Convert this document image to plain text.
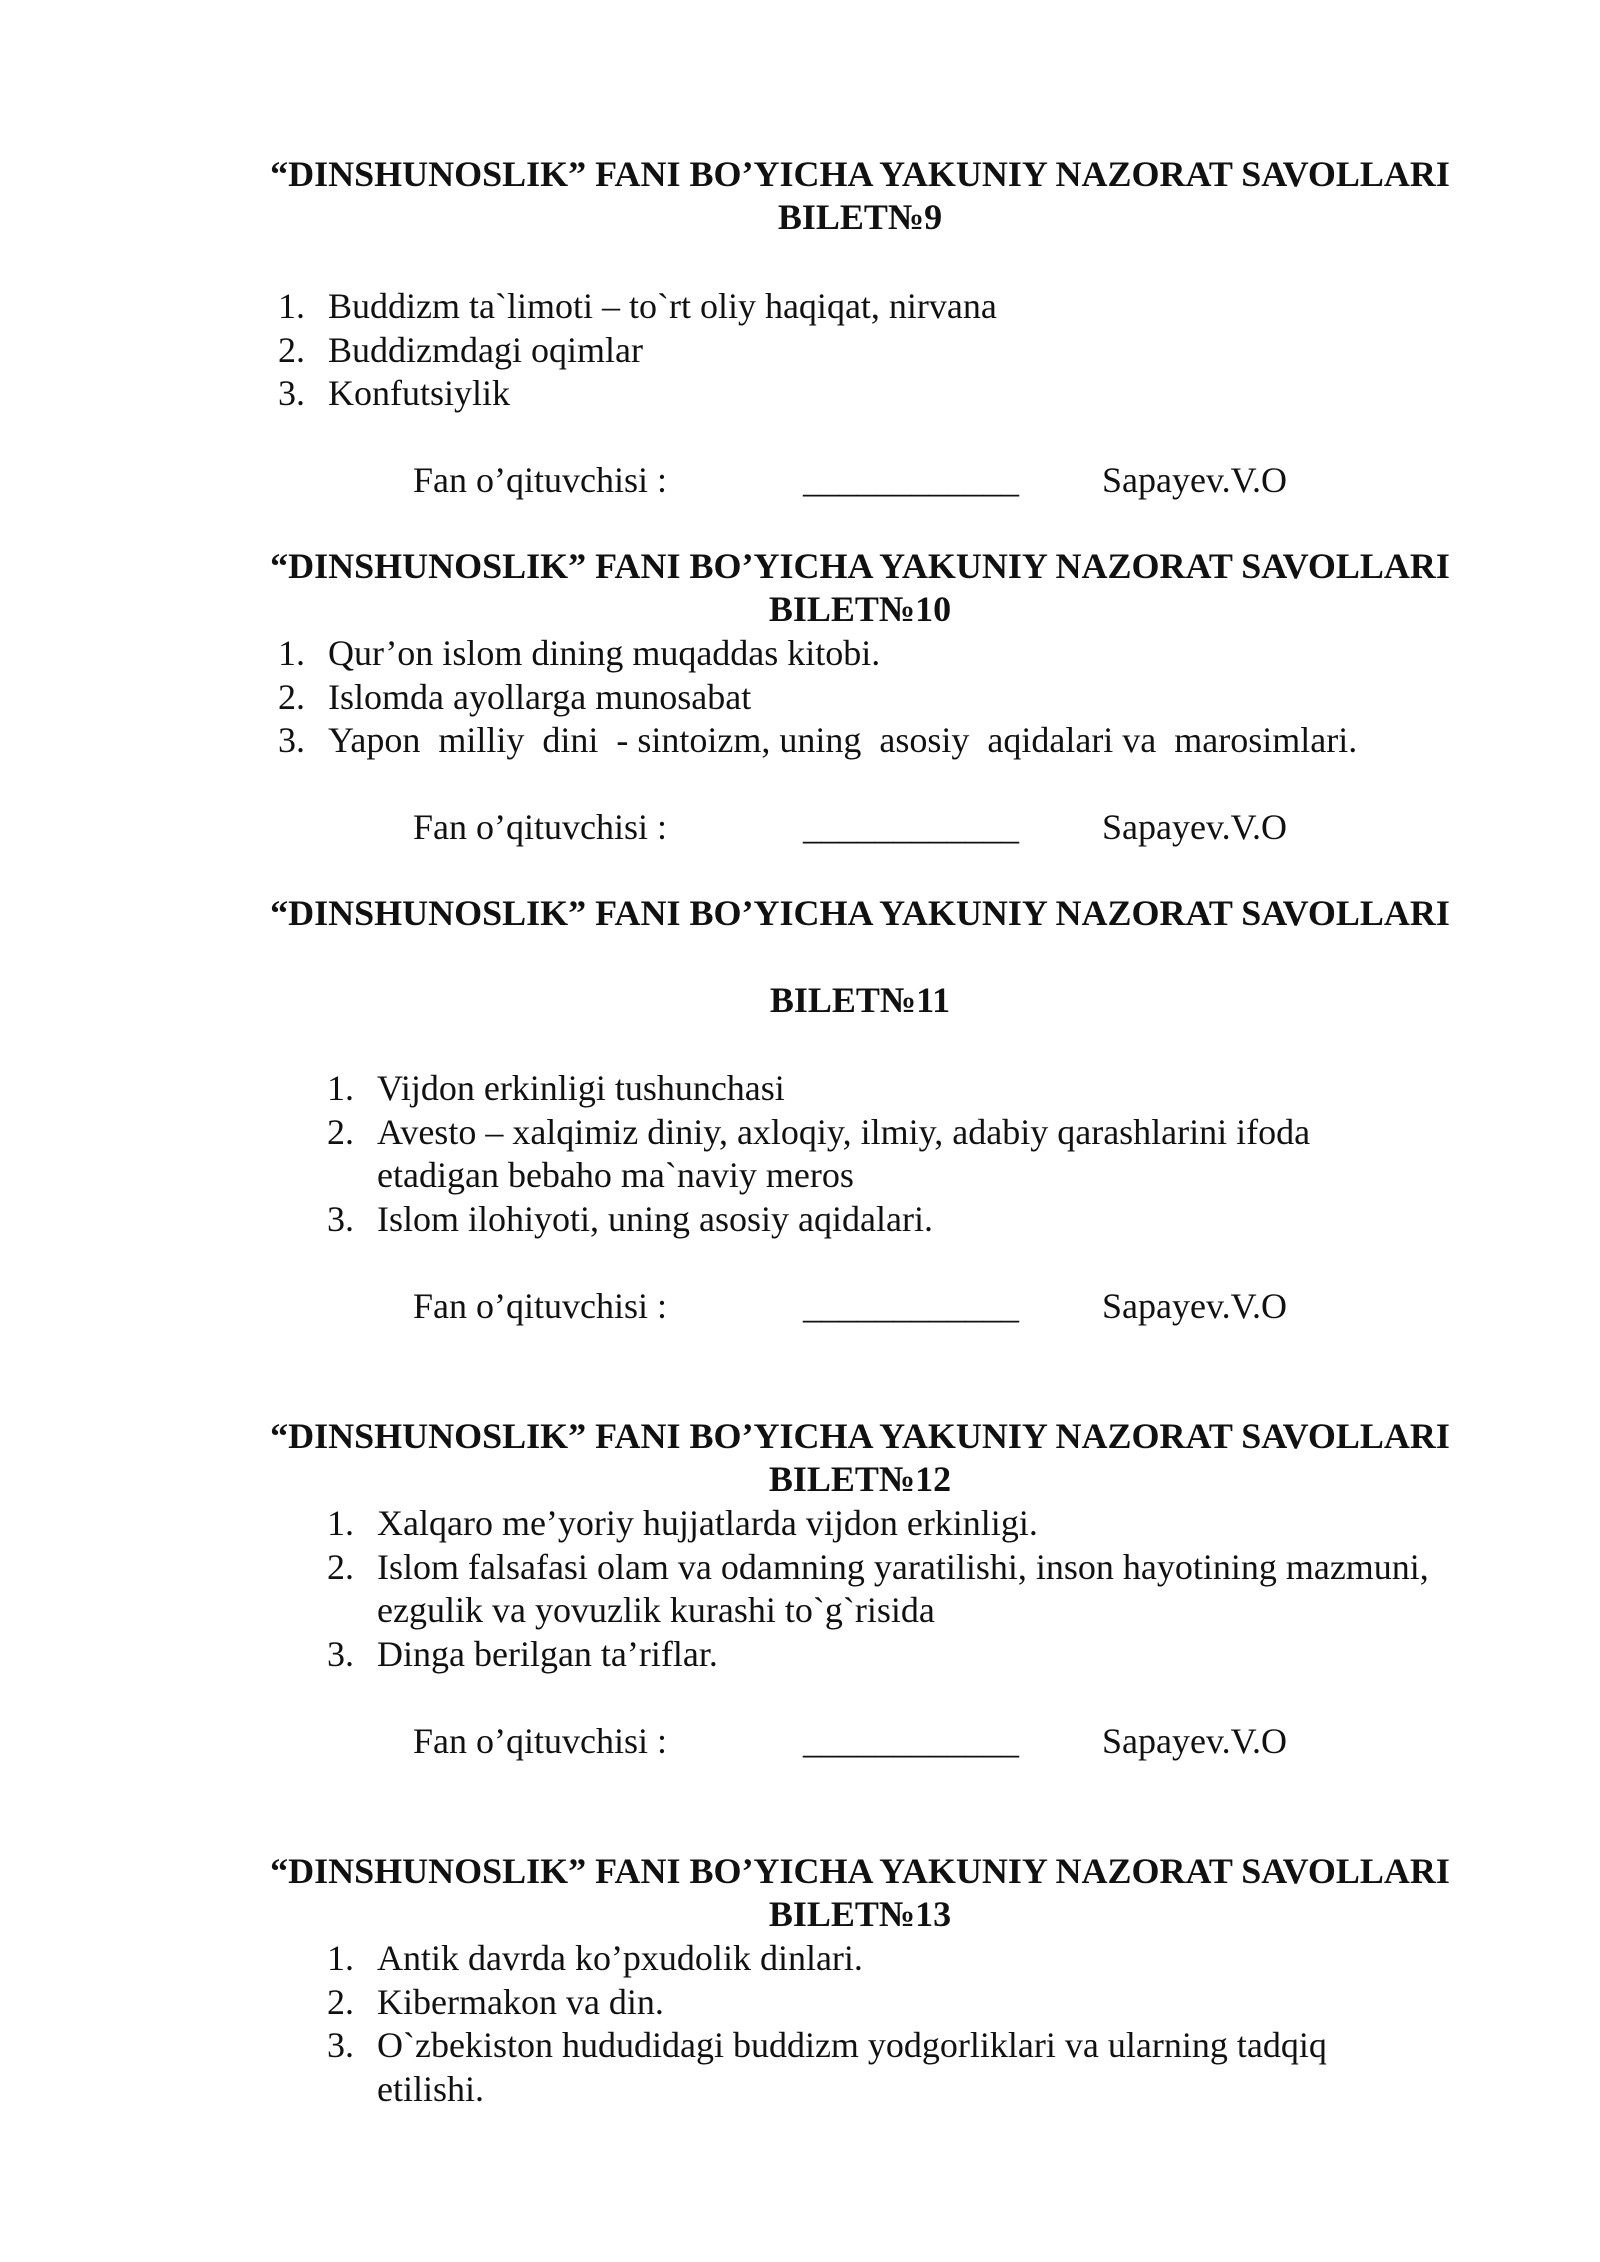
“DINSHUNOSLIK” FANI BO’YICHA YAKUNIY NAZORAT SAVOLLARI
BILET№9
1. Buddizm ta`limoti – to`rt oliy haqiqat, nirvana
2. Buddizmdagi oqimlar
3. Konfutsiylik
Fan o’qituvchisi :	____________ Sapayev.V.O
“DINSHUNOSLIK” FANI BO’YICHA YAKUNIY NAZORAT SAVOLLARI
BILET№10
1. Qur’on islom dining muqaddas kitobi.
2. Islomda ayollarga munosabat
3. Yapon  milliy  dini  - sintoizm, uning  asosiy  aqidalari va  marosimlari.
Fan o’qituvchisi :	____________ Sapayev.V.O
“DINSHUNOSLIK” FANI BO’YICHA YAKUNIY NAZORAT SAVOLLARI
BILET№11
1. Vijdon erkinligi tushunchasi
2. Avesto – xalqimiz diniy, axloqiy, ilmiy, adabiy qarashlarini ifoda etadigan bebaho ma`naviy meros
3. Islom ilohiyoti, uning asosiy aqidalari.
Fan o’qituvchisi :	____________ Sapayev.V.O
“DINSHUNOSLIK” FANI BO’YICHA YAKUNIY NAZORAT SAVOLLARI
BILET№12
1. Xalqaro me’yoriy hujjatlarda vijdon erkinligi.
2. Islom falsafasi olam va odamning yaratilishi, inson hayotining mazmuni, ezgulik va yovuzlik kurashi to`g`risida
3. Dinga berilgan ta’riflar.
Fan o’qituvchisi :	____________ Sapayev.V.O
“DINSHUNOSLIK” FANI BO’YICHA YAKUNIY NAZORAT SAVOLLARI
BILET№13
1. Antik davrda ko’pxudolik dinlari.
2. Kibermakon va din.
3. O`zbekiston hududidagi buddizm yodgorliklari va ularning tadqiq etilishi.
